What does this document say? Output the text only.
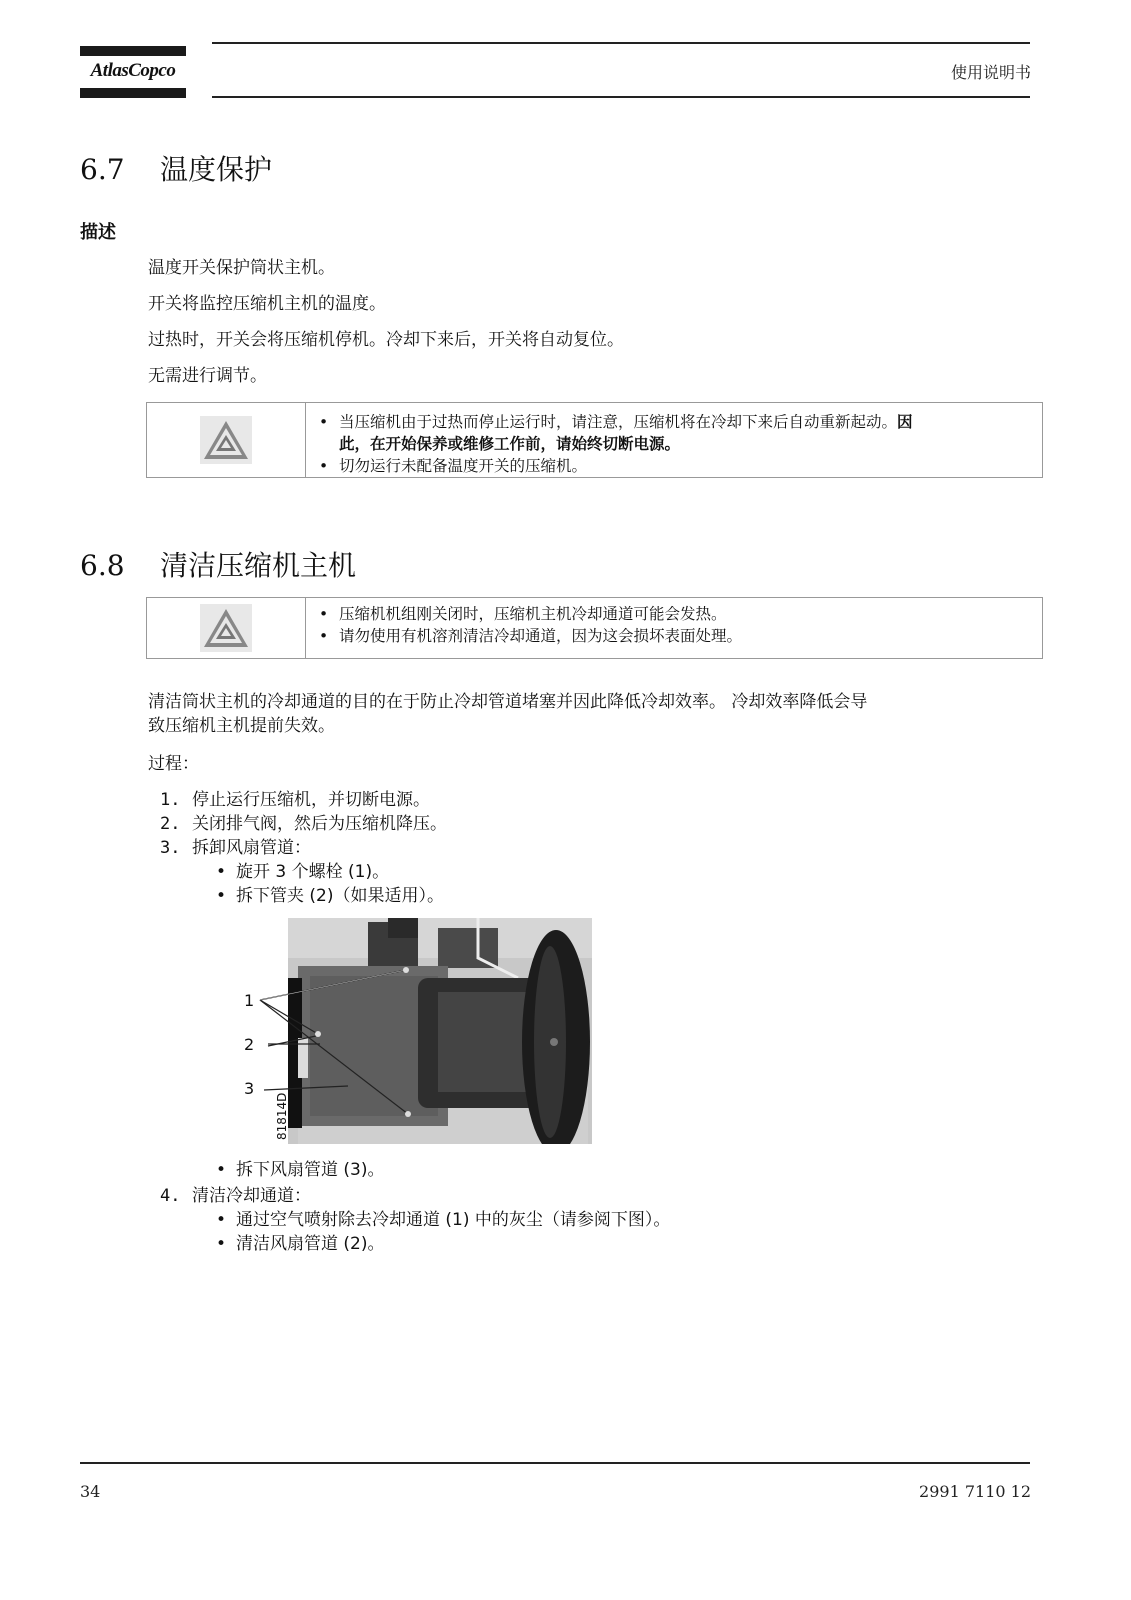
AtlasCopco	使用说明书
6.7 温度保护
描述
温度开关保护筒状主机。
开关将监控压缩机主机的温度。
过热时，开关会将压缩机停机。冷却下来后，开关将自动复位。
无需进行调节。
• 当压缩机由于过热而停止运行时，请注意，压缩机将在冷却下来后自动重新起动。因
此，在开始保养或维修工作前，请始终切断电源。
• 切勿运行未配备温度开关的压缩机。
6.8 清洁压缩机主机
• 压缩机机组刚关闭时，压缩机主机冷却通道可能会发热。
• 请勿使用有机溶剂清洁冷却通道，因为这会损坏表面处理。
清洁筒状主机的冷却通道的目的在于防止冷却管道堵塞并因此降低冷却效率。 冷却效率降低会导
致压缩机主机提前失效。
过程：
1. 停止运行压缩机，并切断电源。
2. 关闭排气阀，然后为压缩机降压。
3. 拆卸风扇管道：
• 旋开 3 个螺栓 (1)。
• 拆下管夹 (2)（如果适用）。
1
2
3
81814D
• 拆下风扇管道 (3)。
4. 清洁冷却通道：
• 通过空气喷射除去冷却通道 (1) 中的灰尘（请参阅下图）。
• 清洁风扇管道 (2)。
34	2991 7110 12
